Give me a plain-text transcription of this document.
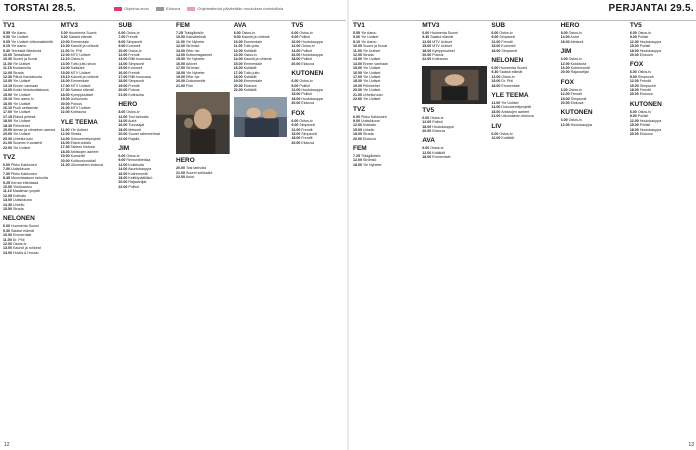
TORSTAI 28.5.	Ohjelma-arvio	Elokuva	Ohjelmatiedot päivitetään muutokset mahdollisia
TV1
5.55 Yle Aamu
9.00 Yle Uutiset
9.05 Yle Uutiset viittomakielellä
9.10 Yle Aamu
9.40 Terveisiä Wiedestä
10.00 Tanssitaan!
10.30 Suomi ja Kuvat
11.00 Yle Uutiset
11.15 Kuutamolla
12.00 Strada
12.30 Päivä Kansakunta
13.00 Yle Uutiset
13.15 Ennen vanhaan
14.00 Kodin tiedotustilaisuus
15.00 Yle Uutiset
15.10 Ylen aamu tv
16.00 Yle Uutiset
16.10 Puoli seitsemän
17.00 Yle Uutiset
17.15 Elämä pelissä
18.00 Yle Uutiset
18.30 Pelimiehet
19.00 Arman ja viimeinen asema
20.00 Yle Uutiset
20.30 Urheiluruutu
21.00 Suomen Kuvalehti
22.00 Yle Uutiset
TVZ
6.00 Pikku Kakkonen
7.00 Uutisikkuna
7.30 Pikku Kakkonen
8.45 Muumilaakson tarinoita
9.25 Kerran elämässä
10.00 Ykkösaamu
11.10 Maailman ympäri
12.05 Kotikatu
13.00 Uutisikkuna
14.30 Urheilu
15.50 Strada
NELONEN
6.00 Huomenta Suomi
9.30 Salatut elämät
10.00 Emmerdale
11.00 Dr. Phil
12.00 Ostos-tv
13.00 Kauniit ja rohkeat
14.00 Huvila & Huussi
MTV3
6.00 Huomenta Suomi
9.30 Salatut elämät
10.00 Emmerdale
10.30 Kauniit ja rohkeat
11.00 Dr. Phil
12.00 MTV Uutiset
12.10 Ostos-tv
13.00 Tuttu juttu show
14.00 Salkkarit
15.00 MTV Uutiset
15.10 Kauniit ja rohkeat
16.00 Emmerdale
17.00 MTV Uutiset
17.30 Salatut elämät
18.00 Kymppiuutiset
19.00 Uutisvuoto
20.00 Putous
21.00 MTV Uutiset
22.00 Kotirauha
YLE TEEMA
11.00 Yle Uutiset
12.00 Strada
14.00 Dokumenttiprojekti
16.00 Elävä arkisto
17.30 Taiteen historia
18.30 Arkistojen aarteet
19.00 Konsertti
20.00 Kulttuuricocktail
21.00 Ulkomainen elokuva
SUB
6.00 Ostos-tv
7.00 Frendit
8.00 Simpsonit
9.00 Kummeli
10.00 Ostos-tv
12.00 Frendit
13.00 Rillit huurussa
14.00 Simpsonit
15.00 Kummeli
16.00 Frendit
17.00 Rillit huurussa
18.00 Simpsonit
19.00 Frendit
20.00 Putous
21.00 Kotirauha
HERO
8.00 Ostos-tv
12.00 Tosi tarinoita
14.00 Autot
16.00 Tuunaajat
18.00 Metsurit
20.00 Suuret rakennelmat
22.00 Rajalla
JIM
6.00 Ostos-tv
9.00 Remonttireiska
12.00 Kokkisota
14.00 Asuntokauppa
16.00 Kotiremontti
18.00 Keittiöpäällikkö
20.00 Rajavartijat
22.00 Poliisit
FEM
7.25 Trädgårdsliv
10.00 Kaksikielistä
11.00 Yle Nyheter
12.00 Strömsö
13.00 Efter nio
14.00 Kulturmagasinet
15.00 Yle Nyheter
16.00 Arkivet
17.00 Strömsö
18.00 Yle Nyheter
19.00 Efter nio
20.00 Dokumentär
21.00 Film
HERO
20.00 Tosi tarinoita
21.00 Suuret seikkailut
22.00 Autot
AVA
6.00 Ostos-tv
9.00 Kauniit ja rohkeat
10.00 Emmerdale
11.00 Tuttu juttu
12.00 Kotiäidit
13.00 Ostos-tv
14.00 Kauniit ja rohkeat
15.00 Emmerdale
16.00 Kotiäidit
17.00 Tuttu juttu
18.00 Kotiäidit
19.00 Emmerdale
20.00 Elokuva
22.00 Kotiäidit
TV5
6.00 Ostos-tv
9.00 Poliisit
10.00 Huutokauppa
12.00 Ostos-tv
14.00 Poliisit
16.00 Huutokauppa
18.00 Poliisit
20.00 Elokuva
KUTONEN
6.00 Ostos-tv
9.00 Poliisit
12.00 Huutokauppa
15.00 Poliisit
18.00 Huutokauppa
20.00 Elokuva
FOX
6.00 Ostos-tv
9.00 Simpsonit
12.00 Frendit
15.00 Simpsonit
18.00 Frendit
20.00 Elokuva
12
PERJANTAI 29.5.
TV1
5.55 Yle Aamu
9.00 Yle Uutiset
9.10 Yle Aamu
10.00 Suomi ja Kuvat
11.00 Yle Uutiset
12.00 Strada
13.00 Yle Uutiset
14.00 Ennen vanhaan
15.00 Yle Uutiset
16.00 Yle Uutiset
17.00 Yle Uutiset
18.00 Yle Uutiset
19.00 Pelimiehet
20.00 Yle Uutiset
21.00 Urheiluruutu
22.00 Yle Uutiset
TVZ
6.00 Pikku Kakkonen
9.00 Uutisikkuna
12.00 Kotikatu
15.00 Urheilu
18.00 Strada
20.00 Elokuva
FEM
7.25 Trädgårdsliv
12.00 Strömsö
18.00 Yle Nyheter
MTV3
6.00 Huomenta Suomi
9.30 Salatut elämät
12.00 MTV Uutiset
15.00 MTV Uutiset
18.00 Kymppiuutiset
20.00 Putous
22.00 Kotirauha
TV5
6.00 Ostos-tv
12.00 Poliisit
18.00 Huutokauppa
20.00 Elokuva
AVA
6.00 Ostos-tv
12.00 Kotiäidit
18.00 Emmerdale
SUB
6.00 Ostos-tv
9.00 Simpsonit
12.00 Frendit
15.00 Kummeli
18.00 Simpsonit
NELONEN
6.00 Huomenta Suomi
9.30 Salatut elämät
12.00 Ostos-tv
15.00 Dr. Phil
18.00 Emmerdale
YLE TEEMA
11.00 Yle Uutiset
14.00 Dokumenttiprojekti
18.00 Arkistojen aarteet
21.00 Ulkomainen elokuva
LIV
6.00 Ostos-tv
12.00 Kotiäidit
HERO
8.00 Ostos-tv
14.00 Autot
18.00 Metsurit
JIM
6.00 Ostos-tv
12.00 Kokkisota
16.00 Kotiremontti
20.00 Rajavartijat
FOX
6.00 Ostos-tv
12.00 Frendit
18.00 Simpsonit
20.00 Elokuva
KUTONEN
6.00 Ostos-tv
12.00 Huutokauppa
TV5
6.00 Ostos-tv
9.00 Poliisit
12.00 Huutokauppa
15.00 Poliisit
18.00 Huutokauppa
20.00 Elokuva
FOX
6.00 Ostos-tv
9.00 Simpsonit
12.00 Frendit
15.00 Simpsonit
18.00 Frendit
20.00 Elokuva
KUTONEN
6.00 Ostos-tv
9.00 Poliisit
12.00 Huutokauppa
15.00 Poliisit
18.00 Huutokauppa
20.00 Elokuva
13
